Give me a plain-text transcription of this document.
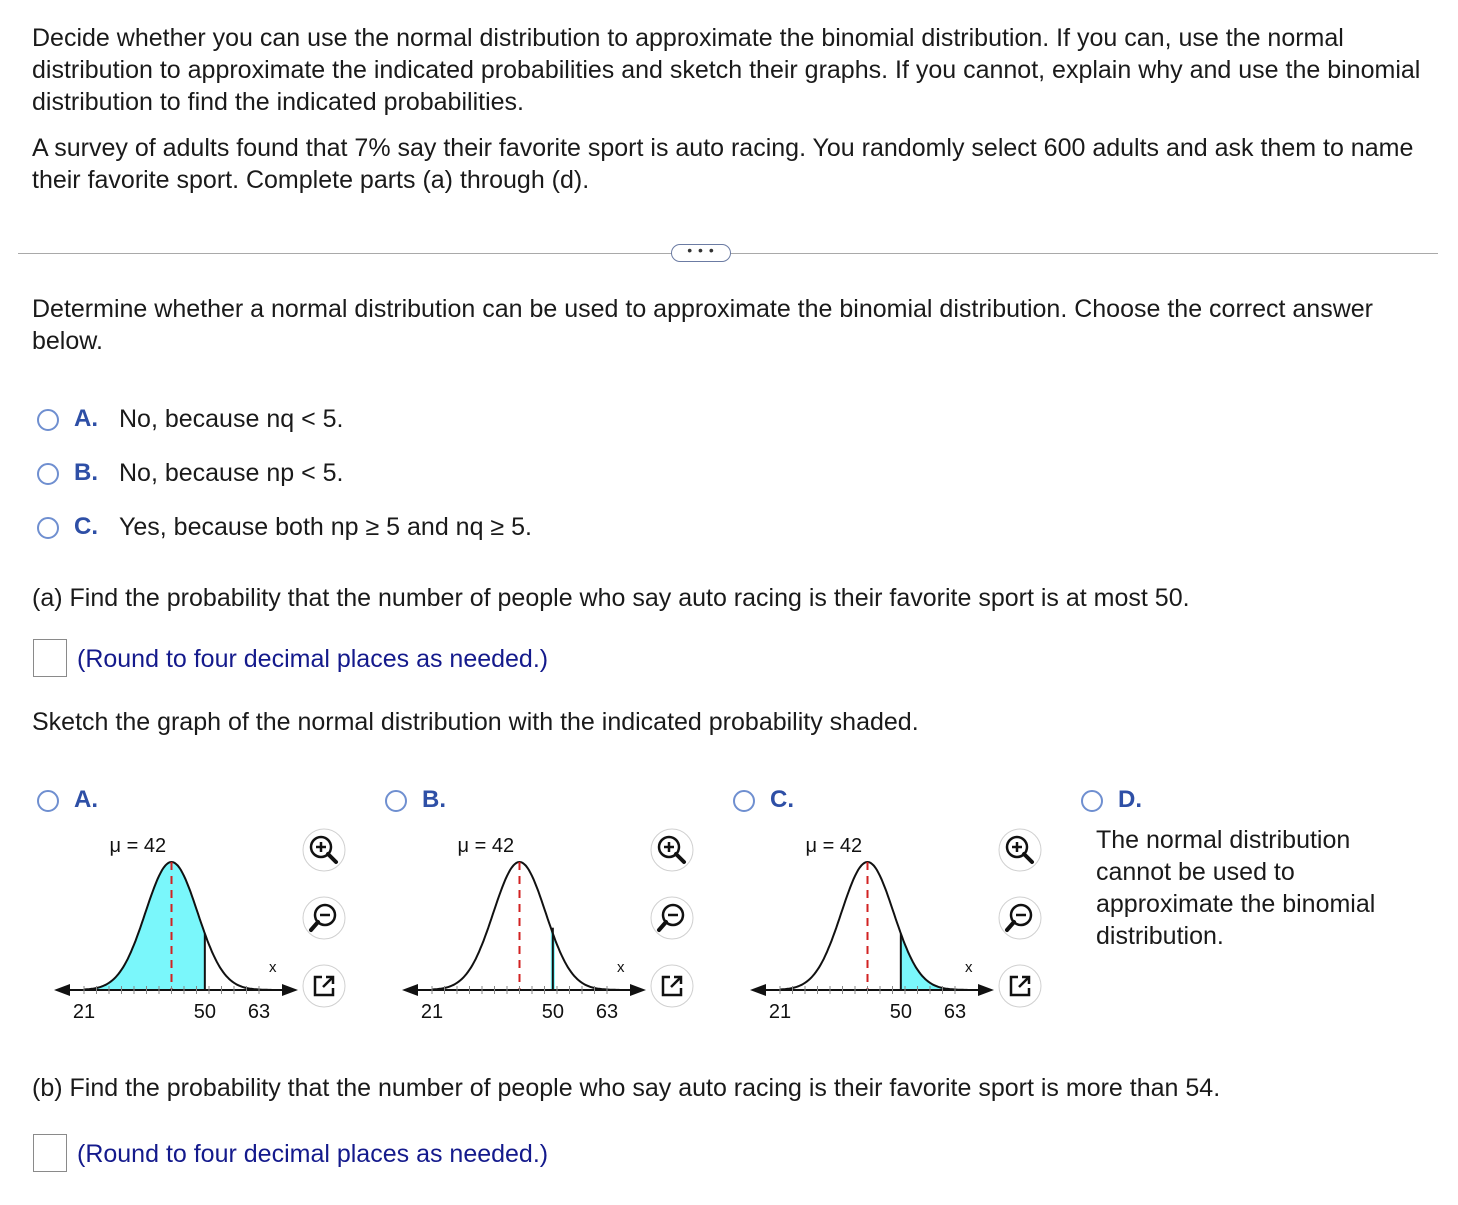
Decide whether you can use the normal distribution to approximate the binomial distribution. If you can, use the normal distribution to approximate the indicated probabilities and sketch their graphs. If you cannot, explain why and use the binomial distribution to find the indicated probabilities.
A survey of adults found that 7% say their favorite sport is auto racing. You randomly select 600 adults and ask them to name their favorite sport. Complete parts (a) through (d).
• • •
Determine whether a normal distribution can be used to approximate the binomial distribution. Choose the correct answer below.
A. No, because nq < 5.
B. No, because np < 5.
C. Yes, because both np ≥ 5 and nq ≥ 5.
(a) Find the probability that the number of people who say auto racing is their favorite sport is at most 50.
(Round to four decimal places as needed.)
Sketch the graph of the normal distribution with the indicated probability shaded.
A.	B.	C.	D.
The normal distribution cannot be used to approximate the binomial distribution.
μ = 42
x
21	50 63
μ = 42
x
21	50 63
μ = 42
x
21	50 63
(b) Find the probability that the number of people who say auto racing is their favorite sport is more than 54.
(Round to four decimal places as needed.)
